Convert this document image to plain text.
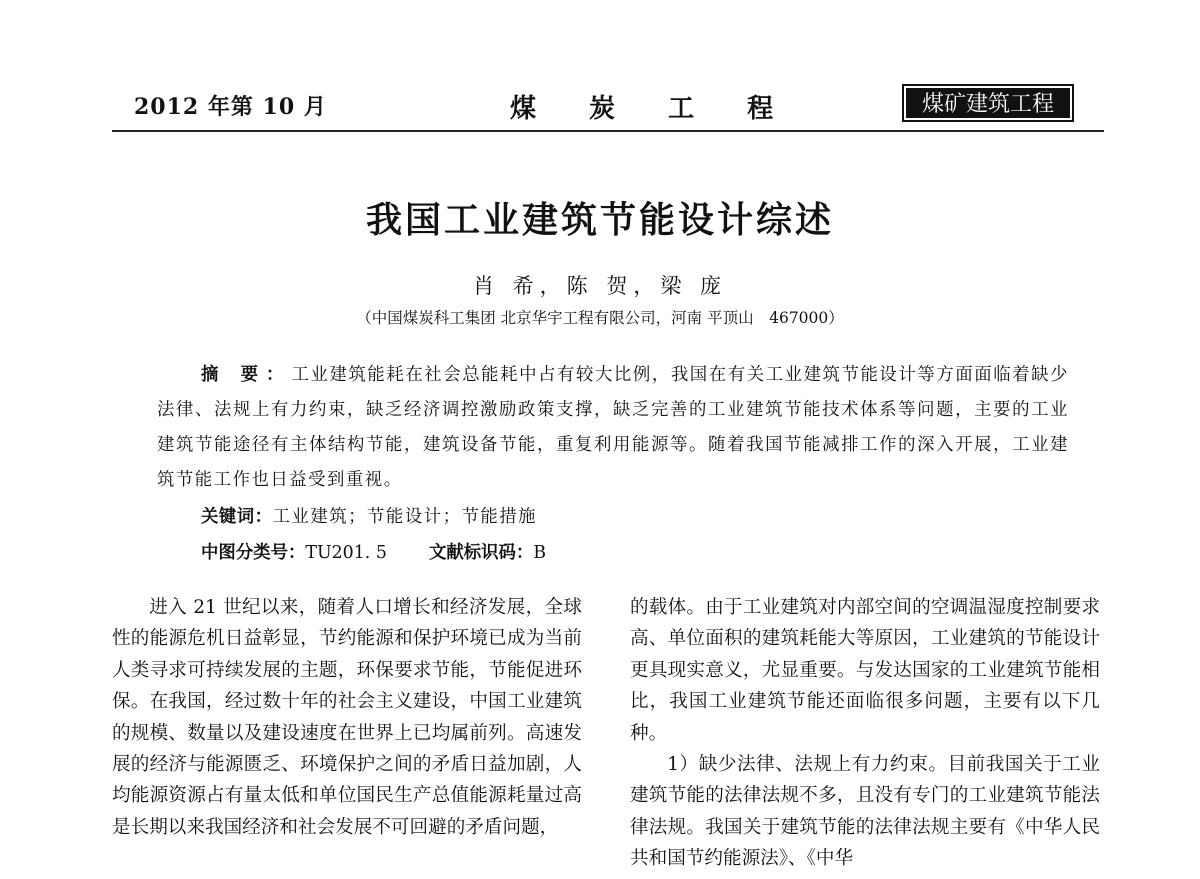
2012 年第 10 月	煤 炭 工 程	煤矿建筑工程
我国工业建筑节能设计综述
肖 希，陈 贺，梁 庞
（中国煤炭科工集团 北京华宇工程有限公司，河南 平顶山　467000）
摘 要：工业建筑能耗在社会总能耗中占有较大比例，我国在有关工业建筑节能设计等方面面临着缺少法律、法规上有力约束，缺乏经济调控激励政策支撑，缺乏完善的工业建筑节能技术体系等问题，主要的工业建筑节能途径有主体结构节能，建筑设备节能，重复利用能源等。随着我国节能减排工作的深入开展，工业建筑节能工作也日益受到重视。
关键词：工业建筑；节能设计；节能措施
中图分类号：TU201. 5 文献标识码：B

进入 21 世纪以来，随着人口增长和经济发展，全球性的能源危机日益彰显，节约能源和保护环境已成为当前人类寻求可持续发展的主题，环保要求节能，节能促进环保。在我国，经过数十年的社会主义建设，中国工业建筑的规模、数量以及建设速度在世界上已均属前列。高速发展的经济与能源匮乏、环境保护之间的矛盾日益加剧，人均能源资源占有量太低和单位国民生产总值能源耗量过高是长期以来我国经济和社会发展不可回避的矛盾问题，

的载体。由于工业建筑对内部空间的空调温湿度控制要求高、单位面积的建筑耗能大等原因，工业建筑的节能设计更具现实意义，尤显重要。与发达国家的工业建筑节能相比，我国工业建筑节能还面临很多问题，主要有以下几种。

1）缺少法律、法规上有力约束。目前我国关于工业建筑节能的法律法规不多，且没有专门的工业建筑节能法律法规。我国关于建筑节能的法律法规主要有《中华人民共和国节约能源法》、《中华
